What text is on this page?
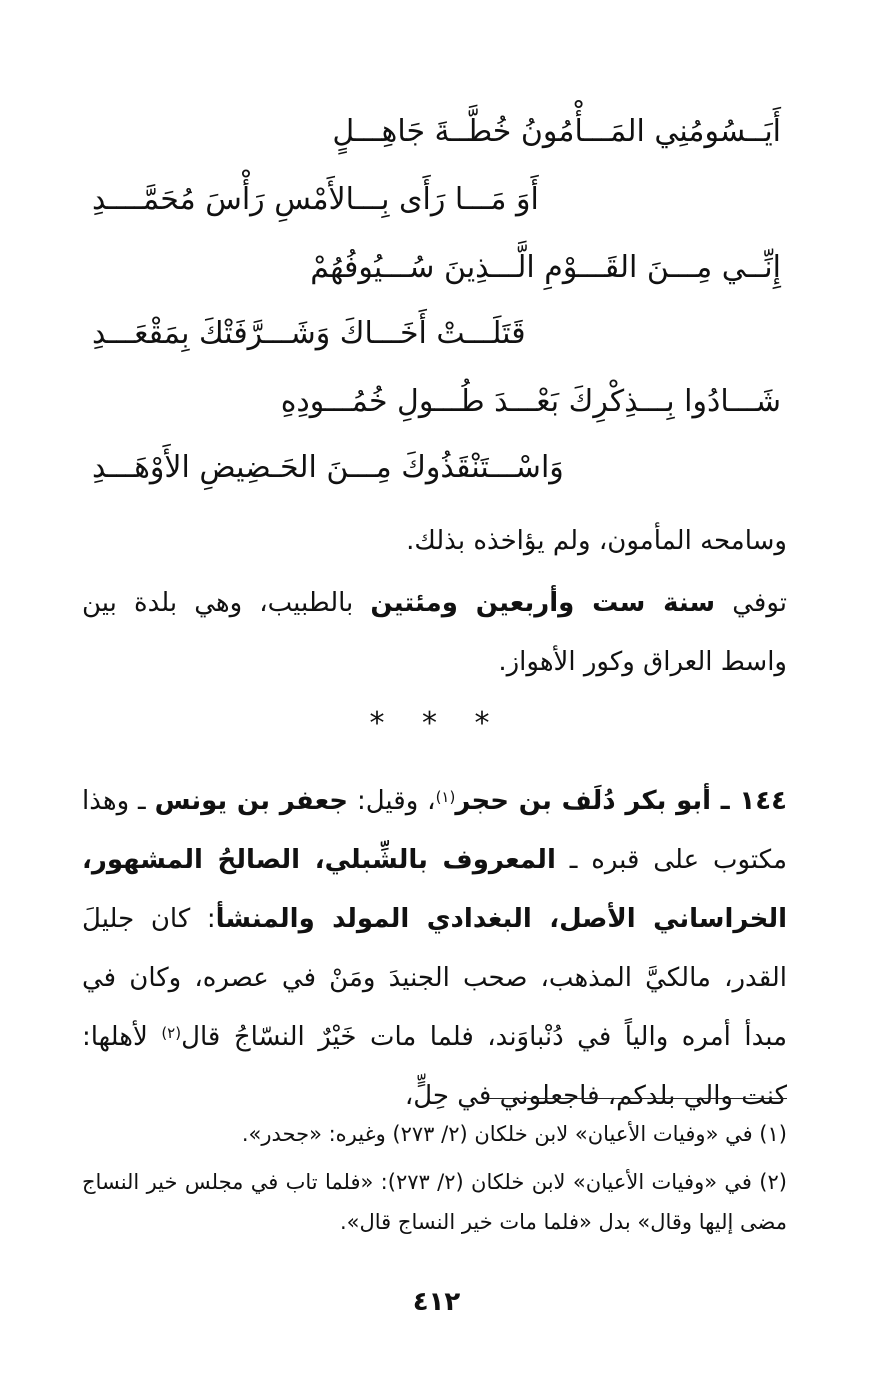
أَيَــسُومُنِي المَـــأْمُونُ خُطَّــةَ جَاهِـــلٍ
أَوَ مَـــا رَأَى بِـــالأَمْسِ رَأْسَ مُحَمَّــــدِ
إِنِّــي مِـــنَ القَـــوْمِ الَّـــذِينَ سُـــيُوفُهُمْ
قَتَلَـــتْ أَخَـــاكَ وَشَـــرَّفَتْكَ بِمَقْعَـــدِ
شَـــادُوا بِـــذِكْرِكَ بَعْـــدَ طُـــولِ خُمُـــودِهِ
وَاسْـــتَنْقَذُوكَ مِـــنَ الحَـضِيضِ الأَوْهَـــدِ
وسامحه المأمون، ولم يؤاخذه بذلك.
توفي سنة ست وأربعين ومئتين بالطبيب، وهي بلدة بين واسط العراق وكور الأهواز.
* * *
١٤٤ ـ أبو بكر دُلَف بن حجر$^{(١)}$، وقيل: جعفر بن يونس ـ وهذا مكتوب على قبره ـ المعروف بالشِّبلي، الصالحُ المشهور، الخراساني الأصل، البغدادي المولد والمنشأ: كان جليلَ القدر، مالكيَّ المذهب، صحب الجنيدَ ومَنْ في عصره، وكان في مبدأ أمره والياً في دُنْباوَند، فلما مات خَيْرٌ النسّاجُ قال$^{(٢)}$ لأهلها: كنت والي بلدكم، فاجعلوني في حِلٍّ،
(١) في «وفيات الأعيان» لابن خلكان (٢/ ٢٧٣) وغيره: «جحدر».
(٢) في «وفيات الأعيان» لابن خلكان (٢/ ٢٧٣): «فلما تاب في مجلس خير النساج مضى إليها وقال» بدل «فلما مات خير النساج قال».
٤١٢
